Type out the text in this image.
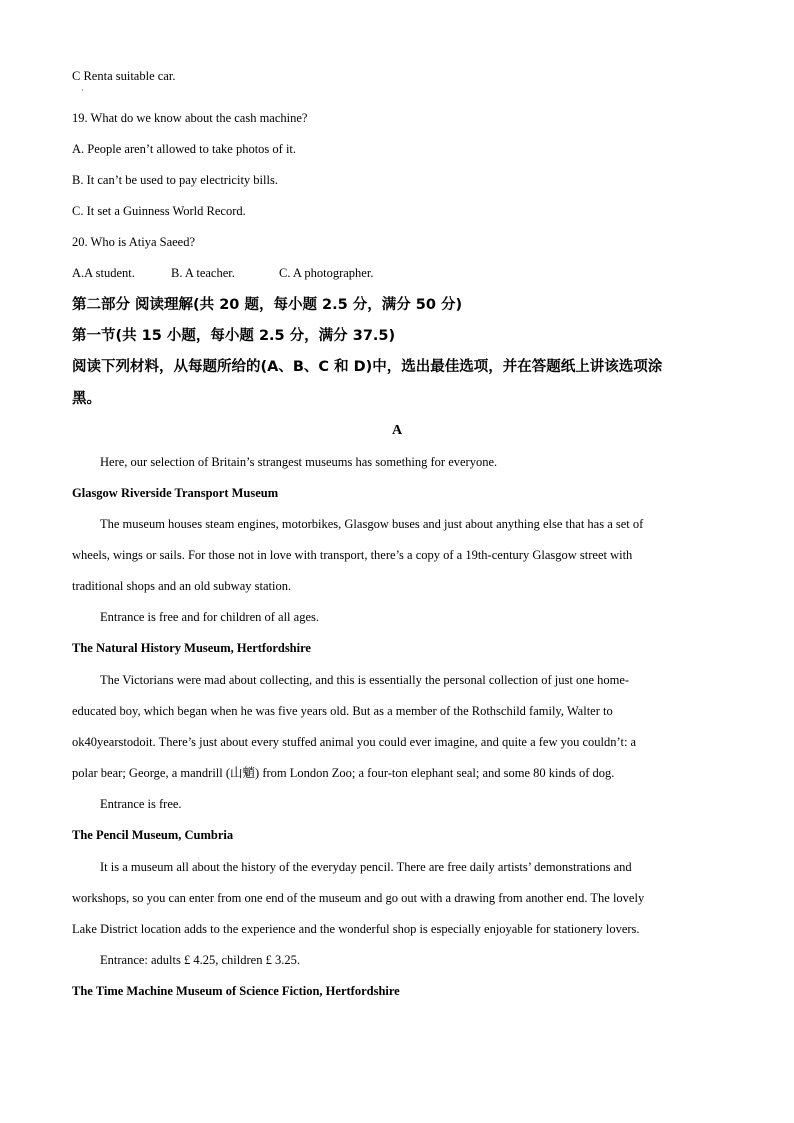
C Renta suitable car.
·
19. What do we know about the cash machine?
A. People aren’t allowed to take photos of it.
B. It can’t be used to pay electricity bills.
C. It set a Guinness World Record.
20. Who is Atiya Saeed?
A.A student.	B. A teacher.	C. A photographer.
第二部分 阅读理解(共 20 题，每小题 2.5 分，满分 50 分)
第一节(共 15 小题，每小题 2.5 分，满分 37.5)
阅读下列材料，从每题所给的(A、B、C 和 D)中，选出最佳选项，并在答题纸上讲该选项涂
黑。
A
Here, our selection of Britain’s strangest museums has something for everyone.
Glasgow Riverside Transport Museum
The museum houses steam engines, motorbikes, Glasgow buses and just about anything else that has a set of
wheels, wings or sails. For those not in love with transport, there’s a copy of a 19th-century Glasgow street with
traditional shops and an old subway station.
Entrance is free and for children of all ages.
The Natural History Museum, Hertfordshire
The Victorians were mad about collecting, and this is essentially the personal collection of just one home-
educated boy, which began when he was five years old. But as a member of the Rothschild family, Walter to
ok40yearstodoit. There’s just about every stuffed animal you could ever imagine, and quite a few you couldn’t: a
polar bear; George, a mandrill (山魈) from London Zoo; a four-ton elephant seal; and some 80 kinds of dog.
Entrance is free.
The Pencil Museum, Cumbria
It is a museum all about the history of the everyday pencil. There are free daily artists’ demonstrations and
workshops, so you can enter from one end of the museum and go out with a drawing from another end. The lovely
Lake District location adds to the experience and the wonderful shop is especially enjoyable for stationery lovers.
Entrance: adults £ 4.25, children £ 3.25.
The Time Machine Museum of Science Fiction, Hertfordshire
